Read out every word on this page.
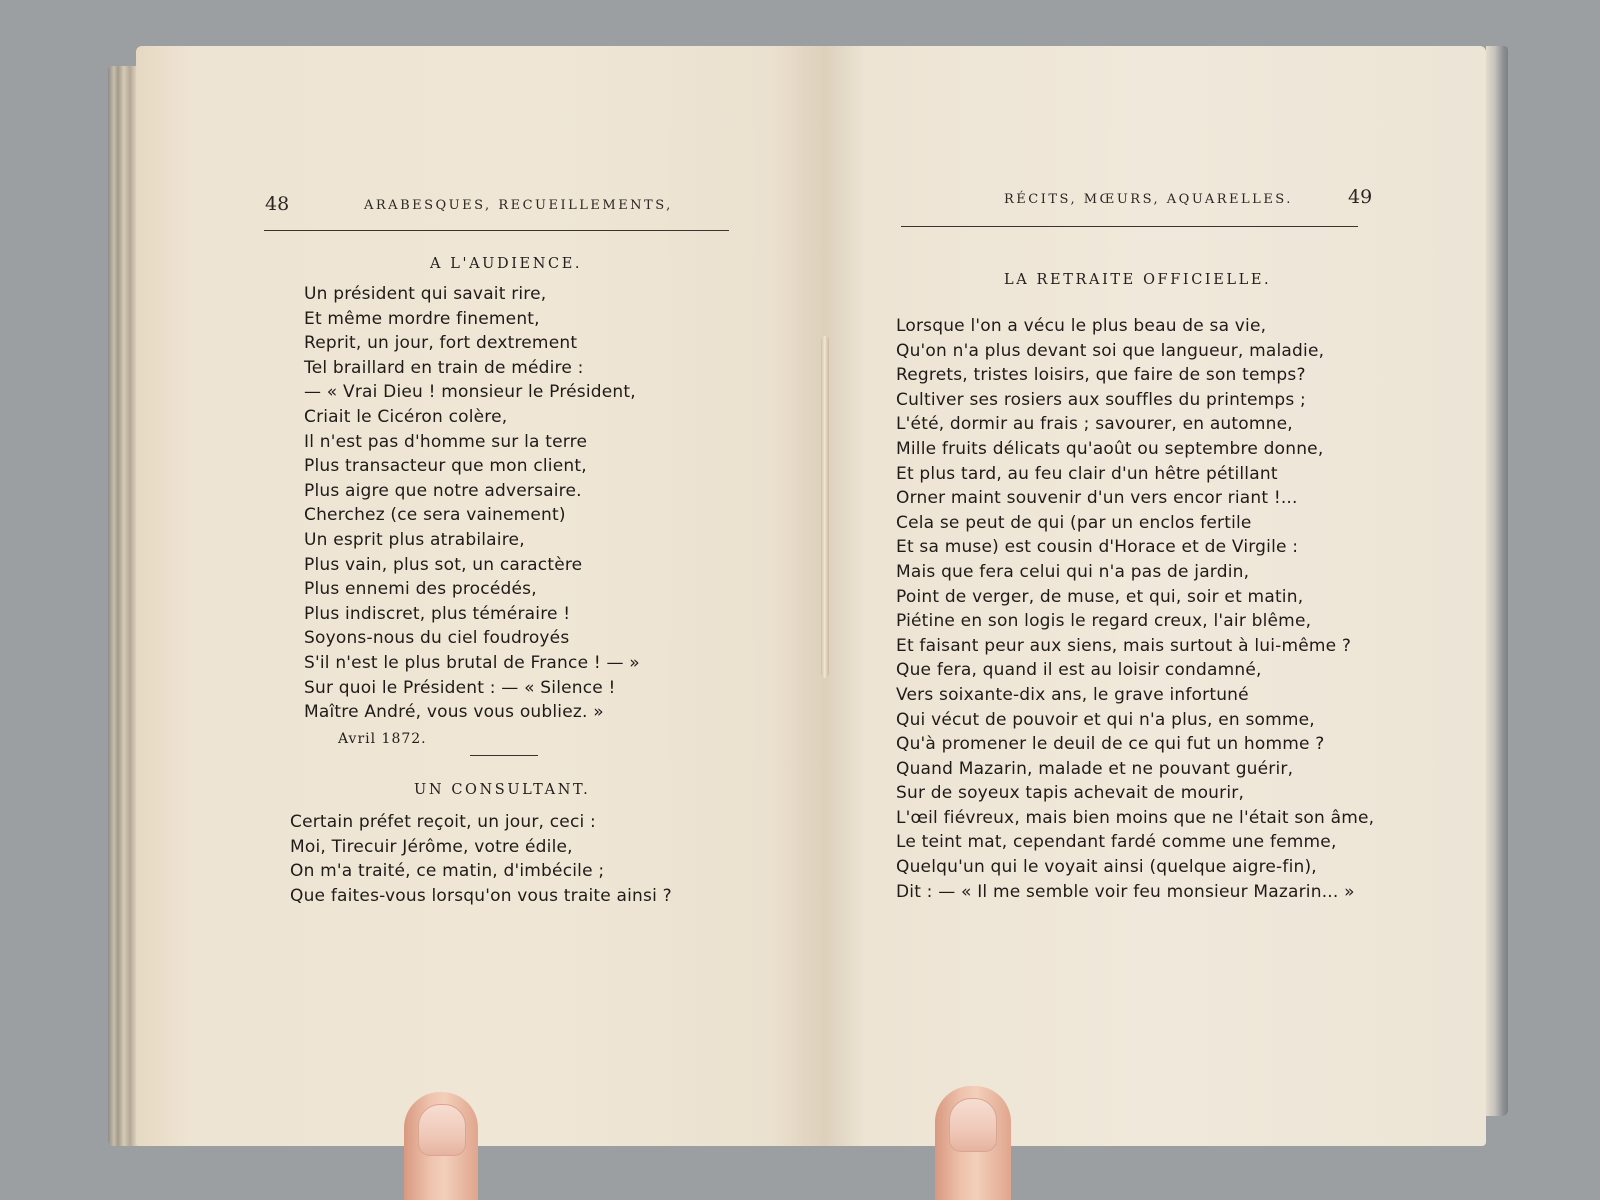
48	ARABESQUES, RECUEILLEMENTS,
A L'AUDIENCE.
Un président qui savait rire,
Et même mordre finement,
Reprit, un jour, fort dextrement
Tel braillard en train de médire :
— « Vrai Dieu ! monsieur le Président,
Criait le Cicéron colère,
Il n'est pas d'homme sur la terre
Plus transacteur que mon client,
Plus aigre que notre adversaire.
Cherchez (ce sera vainement)
Un esprit plus atrabilaire,
Plus vain, plus sot, un caractère
Plus ennemi des procédés,
Plus indiscret, plus téméraire !
Soyons-nous du ciel foudroyés
S'il n'est le plus brutal de France ! — »
Sur quoi le Président : — « Silence !
Maître André, vous vous oubliez. »
Avril 1872.
UN CONSULTANT.
Certain préfet reçoit, un jour, ceci :
Moi, Tirecuir Jérôme, votre édile,
On m'a traité, ce matin, d'imbécile ;
Que faites-vous lorsqu'on vous traite ainsi ?
RÉCITS, MŒURS, AQUARELLES.	49
LA RETRAITE OFFICIELLE.
Lorsque l'on a vécu le plus beau de sa vie,
Qu'on n'a plus devant soi que langueur, maladie,
Regrets, tristes loisirs, que faire de son temps?
Cultiver ses rosiers aux souffles du printemps ;
L'été, dormir au frais ; savourer, en automne,
Mille fruits délicats qu'août ou septembre donne,
Et plus tard, au feu clair d'un hêtre pétillant
Orner maint souvenir d'un vers encor riant !...
Cela se peut de qui (par un enclos fertile
Et sa muse) est cousin d'Horace et de Virgile :
Mais que fera celui qui n'a pas de jardin,
Point de verger, de muse, et qui, soir et matin,
Piétine en son logis le regard creux, l'air blême,
Et faisant peur aux siens, mais surtout à lui-même ?
Que fera, quand il est au loisir condamné,
Vers soixante-dix ans, le grave infortuné
Qui vécut de pouvoir et qui n'a plus, en somme,
Qu'à promener le deuil de ce qui fut un homme ?
Quand Mazarin, malade et ne pouvant guérir,
Sur de soyeux tapis achevait de mourir,
L'œil fiévreux, mais bien moins que ne l'était son âme,
Le teint mat, cependant fardé comme une femme,
Quelqu'un qui le voyait ainsi (quelque aigre-fin),
Dit : — « Il me semble voir feu monsieur Mazarin... »
